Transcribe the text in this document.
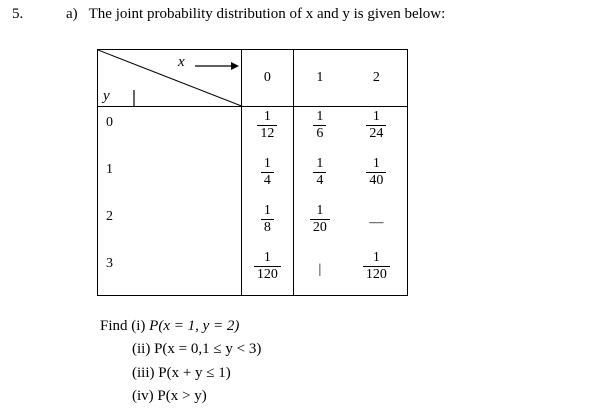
5.	a) The joint probability distribution of x and y is given below:
x
y	0	1	2
0	$\frac{1}{12}$	$\frac{1}{6}$	$\frac{1}{24}$

1	$\frac{1}{4}$	$\frac{1}{4}$	$\frac{1}{40}$

2	$\frac{1}{8}$	$\frac{1}{20}$	—
3	$\frac{1}{120}$	|	$\frac{1}{120}$
Find (i) P(x = 1, y = 2)
(ii) P(x = 0,1 ≤ y < 3)
(iii) P(x + y ≤ 1)
(iv) P(x > y)
